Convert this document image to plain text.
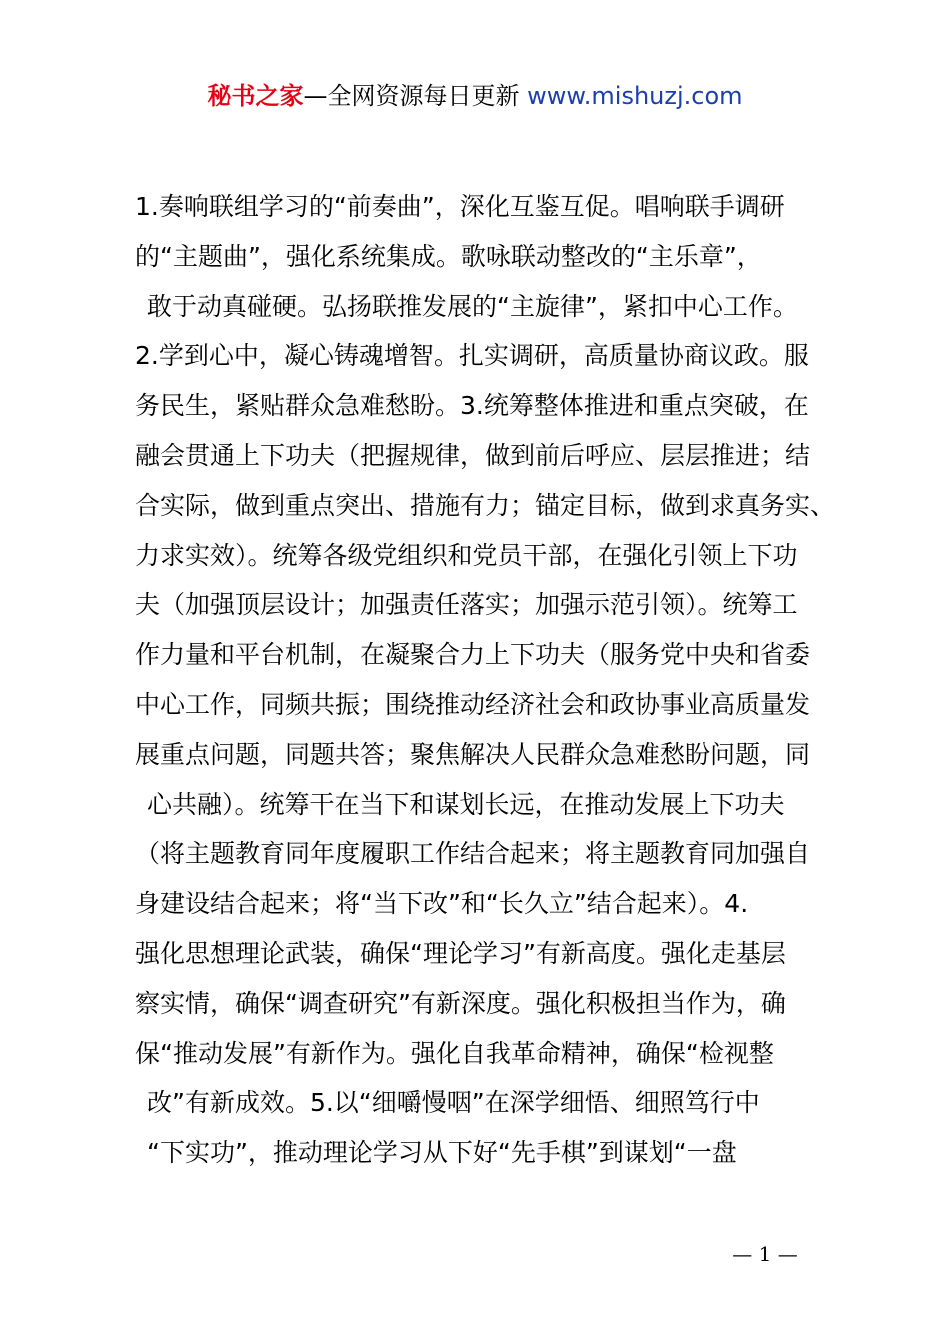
秘书之家—全网资源每日更新 www.mishuzj.com
1.奏响联组学习的“前奏曲”，深化互鉴互促。唱响联手调研
的“主题曲”，强化系统集成。歌咏联动整改的“主乐章”，
敢于动真碰硬。弘扬联推发展的“主旋律”，紧扣中心工作。
2.学到心中，凝心铸魂增智。扎实调研，高质量协商议政。服
务民生，紧贴群众急难愁盼。3.统筹整体推进和重点突破，在
融会贯通上下功夫（把握规律，做到前后呼应、层层推进；结
合实际，做到重点突出、措施有力；锚定目标，做到求真务实、
力求实效）。统筹各级党组织和党员干部，在强化引领上下功
夫（加强顶层设计；加强责任落实；加强示范引领）。统筹工
作力量和平台机制，在凝聚合力上下功夫（服务党中央和省委
中心工作，同频共振；围绕推动经济社会和政协事业高质量发
展重点问题，同题共答；聚焦解决人民群众急难愁盼问题，同
心共融）。统筹干在当下和谋划长远，在推动发展上下功夫
（将主题教育同年度履职工作结合起来；将主题教育同加强自
身建设结合起来；将“当下改”和“长久立”结合起来）。4.
强化思想理论武装，确保“理论学习”有新高度。强化走基层
察实情，确保“调查研究”有新深度。强化积极担当作为，确
保“推动发展”有新作为。强化自我革命精神，确保“检视整
改”有新成效。5.以“细嚼慢咽”在深学细悟、细照笃行中
“下实功”，推动理论学习从下好“先手棋”到谋划“一盘
— 1 —
